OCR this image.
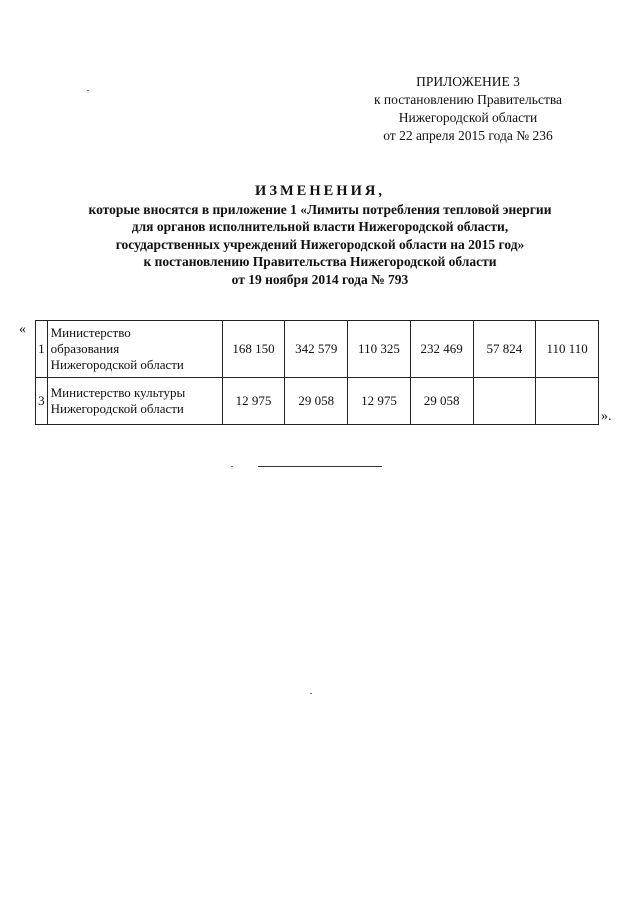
ПРИЛОЖЕНИЕ 3
к постановлению Правительства
Нижегородской области
от 22 апреля 2015 года № 236
ИЗМЕНЕНИЯ,
которые вносятся в приложение 1 «Лимиты потребления тепловой энергии
для органов исполнительной власти Нижегородской области,
государственных учреждений Нижегородской области на 2015 год»
к постановлению Правительства Нижегородской области
от 19 ноября 2014 года № 793
«
1	Министерство
образования
Нижегородской области	168 150	342 579	110 325	232 469	57 824	110 110
3	Министерство культуры
Нижегородской области	12 975	29 058	12 975	29 058		
».
